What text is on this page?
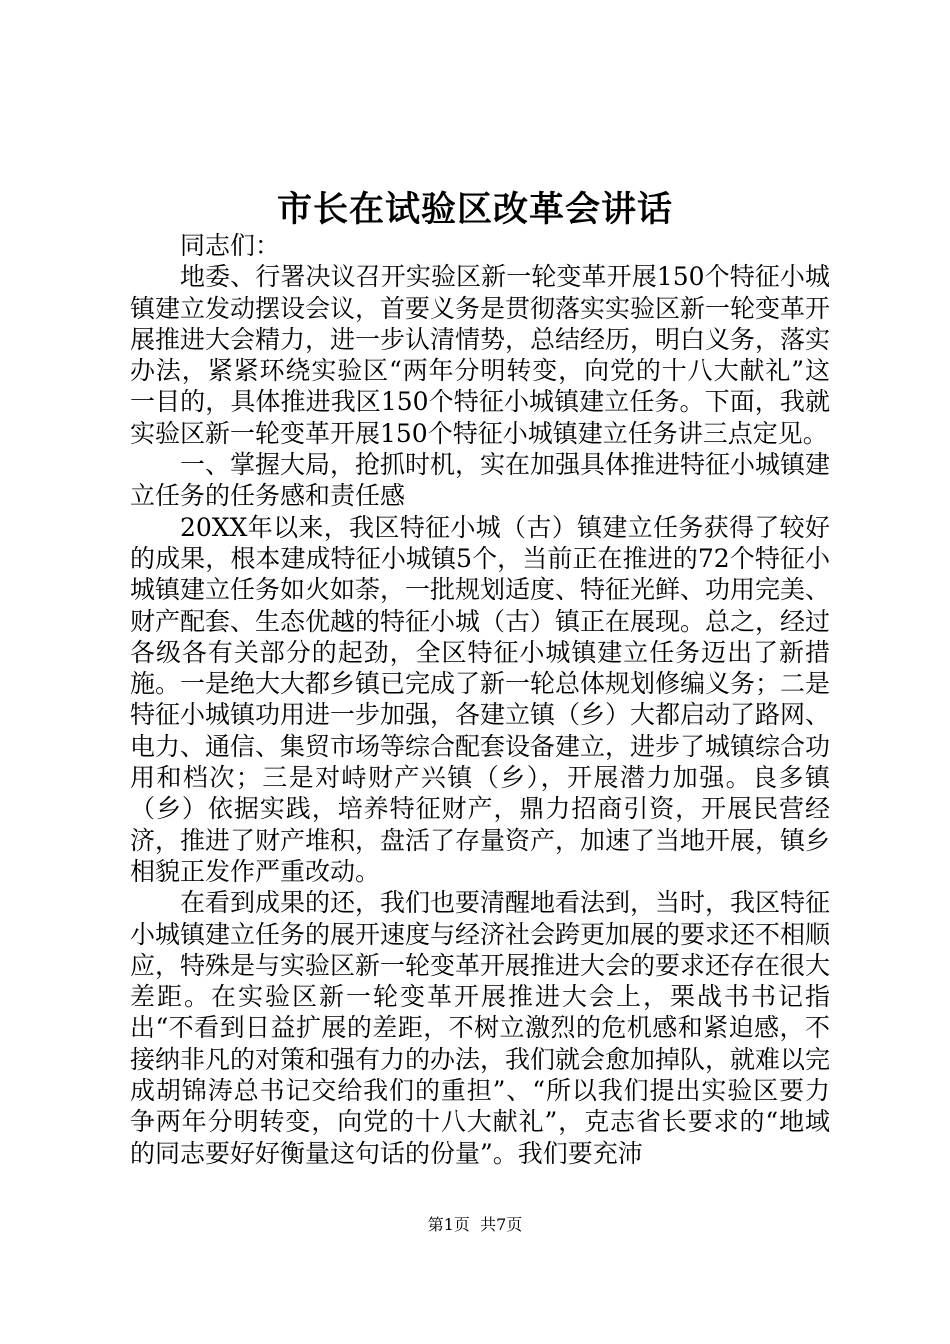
市长在试验区改革会讲话

同志们：

地委、行署决议召开实验区新一轮变革开展150个特征小城镇建立发动摆设会议，首要义务是贯彻落实实验区新一轮变革开展推进大会精力，进一步认清情势，总结经历，明白义务，落实办法，紧紧环绕实验区“两年分明转变，向党的十八大献礼”这一目的，具体推进我区150个特征小城镇建立任务。下面，我就实验区新一轮变革开展150个特征小城镇建立任务讲三点定见。

一、掌握大局，抢抓时机，实在加强具体推进特征小城镇建立任务的任务感和责任感

20XX年以来，我区特征小城（古）镇建立任务获得了较好的成果，根本建成特征小城镇5个，当前正在推进的72个特征小城镇建立任务如火如荼，一批规划适度、特征光鲜、功用完美、财产配套、生态优越的特征小城（古）镇正在展现。总之，经过各级各有关部分的起劲，全区特征小城镇建立任务迈出了新措施。一是绝大大都乡镇已完成了新一轮总体规划修编义务；二是特征小城镇功用进一步加强，各建立镇（乡）大都启动了路网、电力、通信、集贸市场等综合配套设备建立，进步了城镇综合功用和档次；三是对峙财产兴镇（乡），开展潜力加强。良多镇（乡）依据实践，培养特征财产，鼎力招商引资，开展民营经济，推进了财产堆积，盘活了存量资产，加速了当地开展，镇乡相貌正发作严重改动。

在看到成果的还，我们也要清醒地看法到，当时，我区特征小城镇建立任务的展开速度与经济社会跨更加展的要求还不相顺应，特殊是与实验区新一轮变革开展推进大会的要求还存在很大差距。在实验区新一轮变革开展推进大会上，栗战书书记指出“不看到日益扩展的差距，不树立激烈的危机感和紧迫感，不接纳非凡的对策和强有力的办法，我们就会愈加掉队，就难以完成胡锦涛总书记交给我们的重担”、“所以我们提出实验区要力争两年分明转变，向党的十八大献礼”，克志省长要求的“地域的同志要好好衡量这句话的份量”。我们要充沛

第1页 共7页
